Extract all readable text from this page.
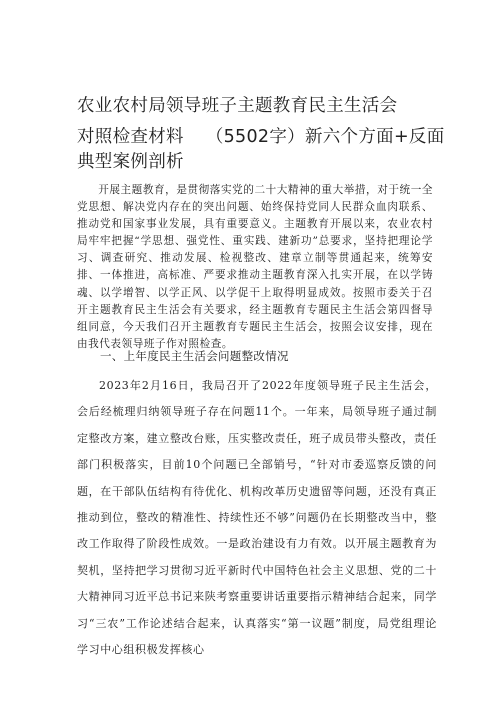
农业农村局领导班子主题教育民主生活会
对照检查材料 （5502字）新六个方面+反面
典型案例剖析

开展主题教育，是贯彻落实党的二十大精神的重大举措，对于统一全党思想、解决党内存在的突出问题、始终保持党同人民群众血肉联系、推动党和国家事业发展，具有重要意义。主题教育开展以来，农业农村局牢牢把握“学思想、强党性、重实践、建新功”总要求，坚持把理论学习、调查研究、推动发展、检视整改、建章立制等贯通起来，统筹安排、一体推进，高标准、严要求推动主题教育深入扎实开展，在以学铸魂、以学增智、以学正风、以学促干上取得明显成效。按照市委关于召开主题教育民主生活会有关要求，经主题教育专题民主生活会第四督导组同意，今天我们召开主题教育专题民主生活会，按照会议安排，现在由我代表领导班子作对照检查。

一、上年度民主生活会问题整改情况

2023年2月16日，我局召开了2022年度领导班子民主生活会，会后经梳理归纳领导班子存在问题11个。一年来，局领导班子通过制定整改方案，建立整改台账，压实整改责任，班子成员带头整改，责任部门积极落实，目前10个问题已全部销号，“针对市委巡察反馈的问题，在干部队伍结构有待优化、机构改革历史遗留等问题，还没有真正推动到位，整改的精准性、持续性还不够”问题仍在长期整改当中，整改工作取得了阶段性成效。一是政治建设有力有效。以开展主题教育为契机，坚持把学习贯彻习近平新时代中国特色社会主义思想、党的二十大精神同习近平总书记来陕考察重要讲话重要指示精神结合起来，同学习“三农”工作论述结合起来，认真落实“第一议题”制度，局党组理论学习中心组积极发挥核心
